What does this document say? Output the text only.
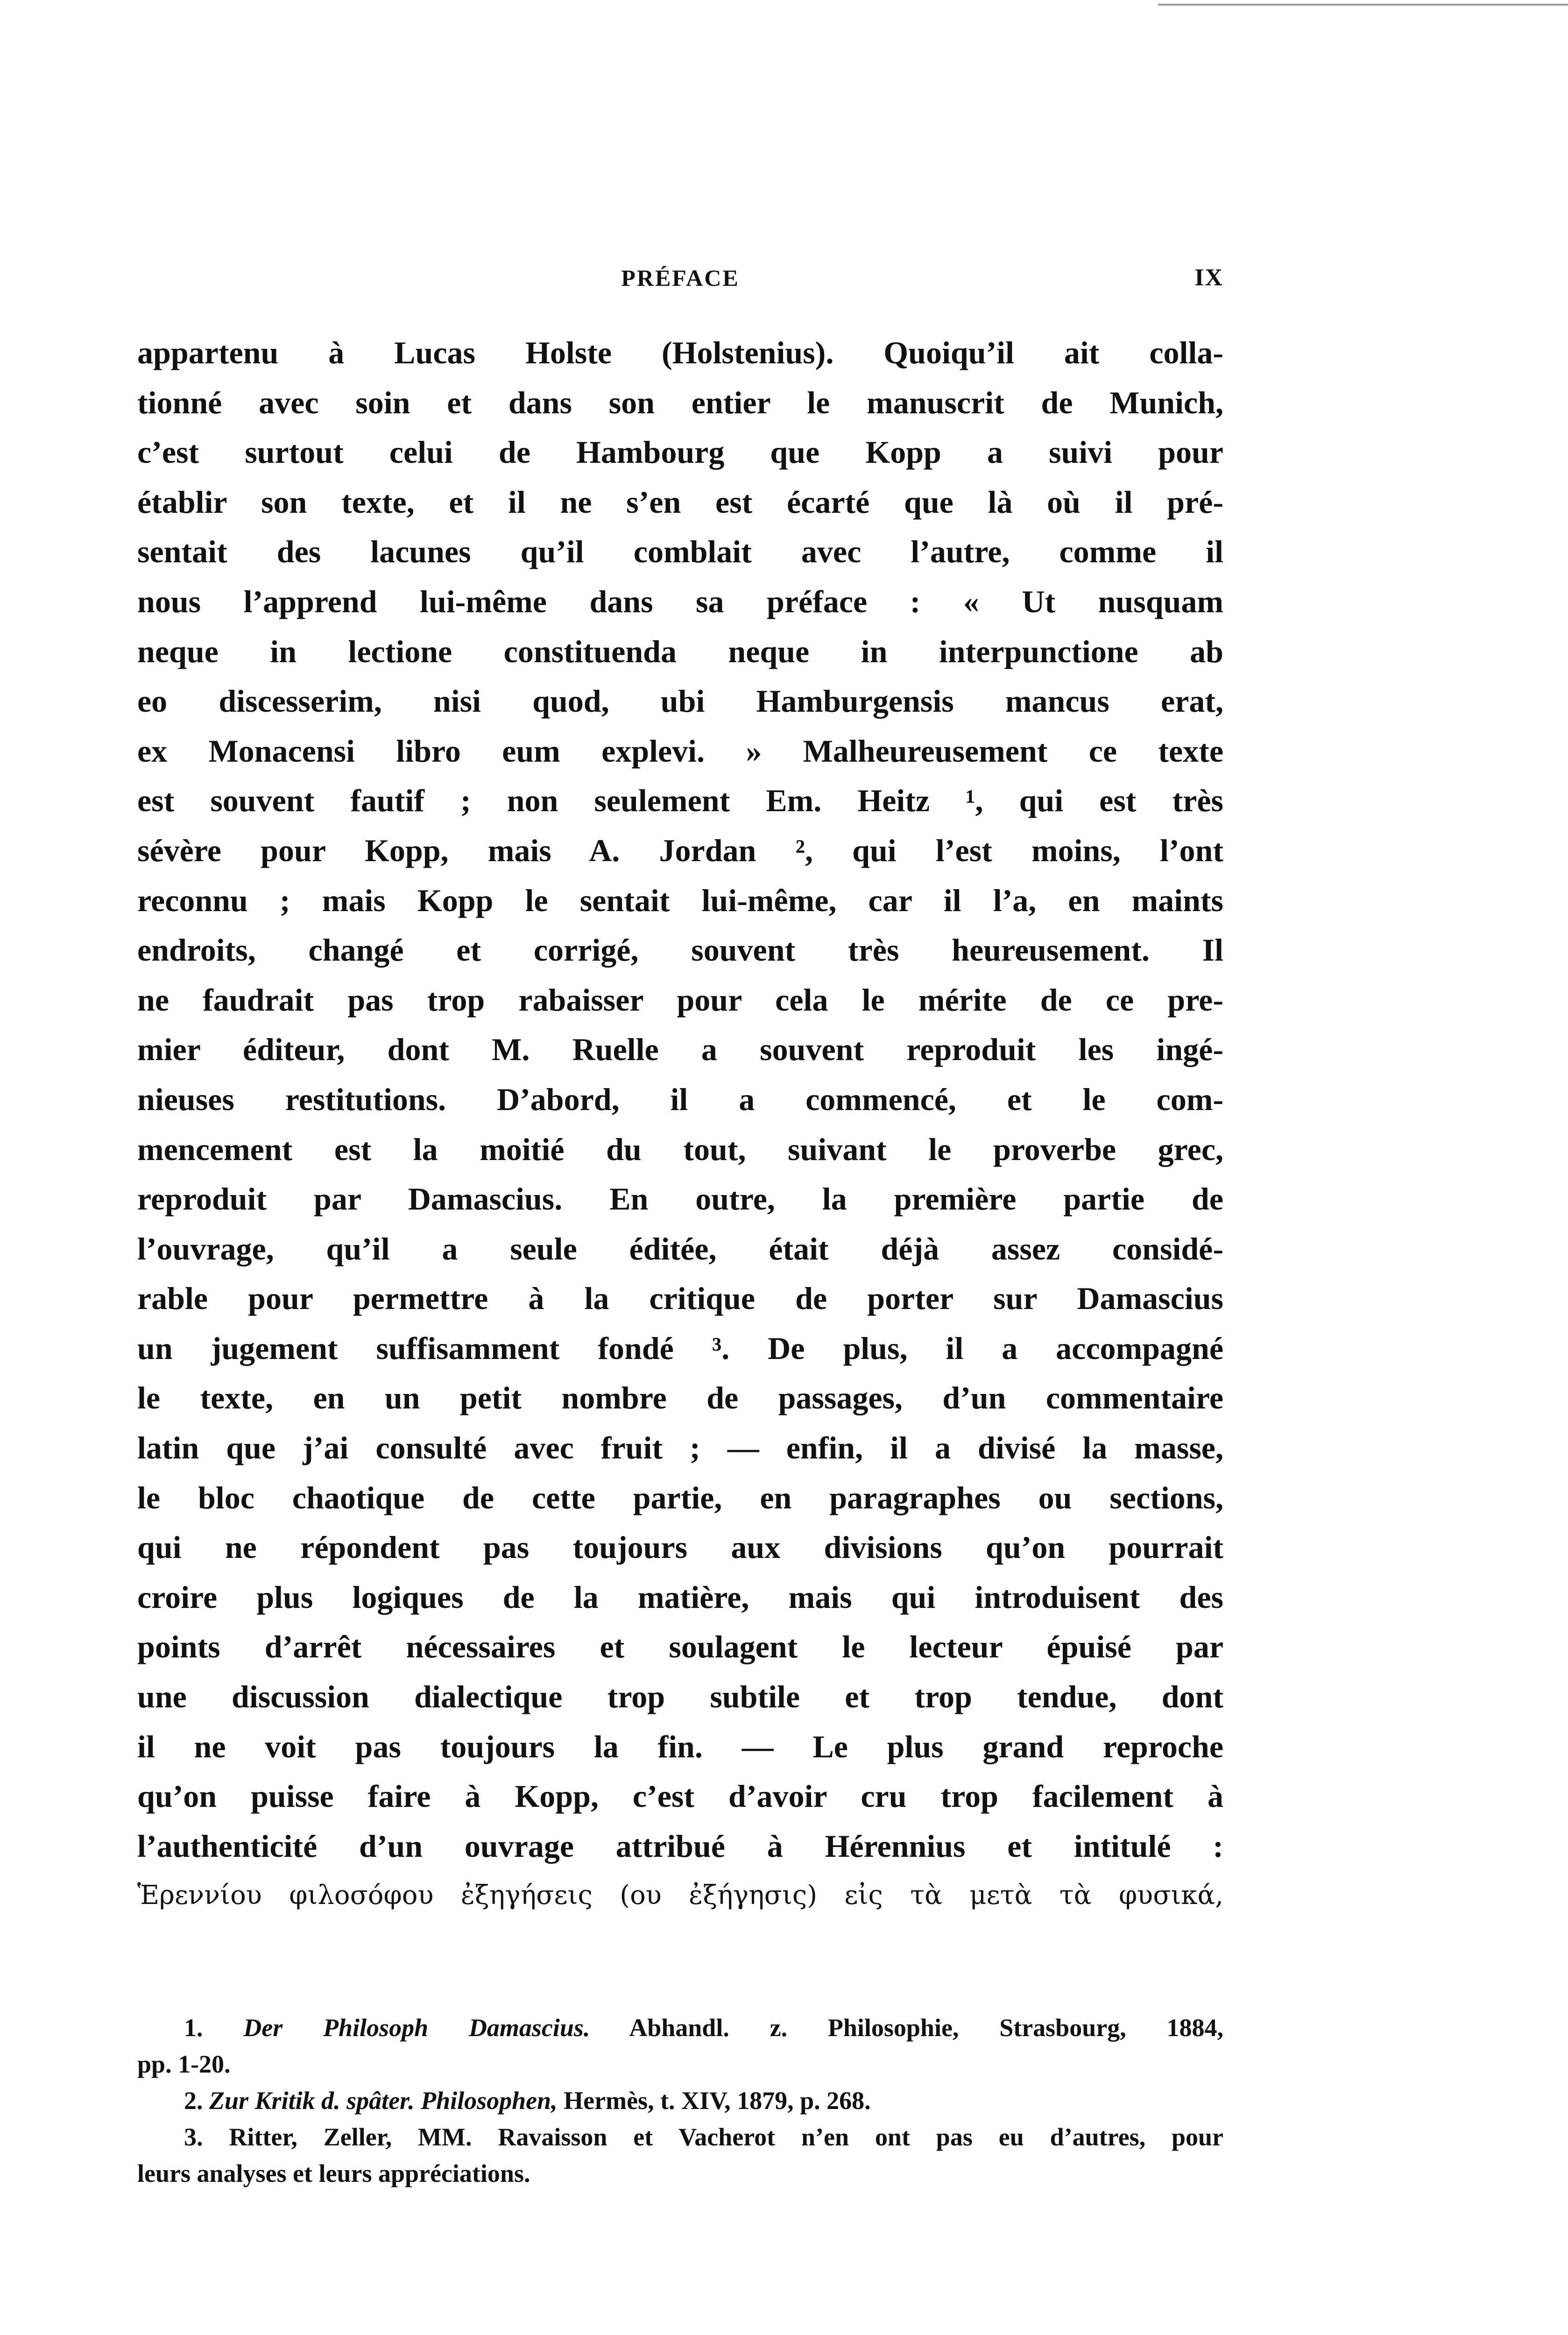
PRÉFACE	IX
appartenu à Lucas Holste (Holstenius). Quoiqu’il ait colla-
tionné avec soin et dans son entier le manuscrit de Munich,
c’est surtout celui de Hambourg que Kopp a suivi pour
établir son texte, et il ne s’en est écarté que là où il pré-
sentait des lacunes qu’il comblait avec l’autre, comme il
nous l’apprend lui-même dans sa préface : « Ut nusquam
neque in lectione constituenda neque in interpunctione ab
eo discesserim, nisi quod, ubi Hamburgensis mancus erat,
ex Monacensi libro eum explevi. » Malheureusement ce texte
est souvent fautif ; non seulement Em. Heitz ¹, qui est très
sévère pour Kopp, mais A. Jordan ², qui l’est moins, l’ont
reconnu ; mais Kopp le sentait lui-même, car il l’a, en maints
endroits, changé et corrigé, souvent très heureusement. Il
ne faudrait pas trop rabaisser pour cela le mérite de ce pre-
mier éditeur, dont M. Ruelle a souvent reproduit les ingé-
nieuses restitutions. D’abord, il a commencé, et le com-
mencement est la moitié du tout, suivant le proverbe grec,
reproduit par Damascius. En outre, la première partie de
l’ouvrage, qu’il a seule éditée, était déjà assez considé-
rable pour permettre à la critique de porter sur Damascius
un jugement suffisamment fondé ³. De plus, il a accompagné
le texte, en un petit nombre de passages, d’un commentaire
latin que j’ai consulté avec fruit ; — enfin, il a divisé la masse,
le bloc chaotique de cette partie, en paragraphes ou sections,
qui ne répondent pas toujours aux divisions qu’on pourrait
croire plus logiques de la matière, mais qui introduisent des
points d’arrêt nécessaires et soulagent le lecteur épuisé par
une discussion dialectique trop subtile et trop tendue, dont
il ne voit pas toujours la fin. — Le plus grand reproche
qu’on puisse faire à Kopp, c’est d’avoir cru trop facilement à
l’authenticité d’un ouvrage attribué à Hérennius et intitulé :
Ἑρεννίου φιλοσόφου ἐξηγήσεις (ου ἐξήγησις) εἰς τὰ μετὰ τὰ φυσικά,
1. Der Philosoph Damascius. Abhandl. z. Philosophie, Strasbourg, 1884,
pp. 1-20.
2. Zur Kritik d. spâter. Philosophen, Hermès, t. XIV, 1879, p. 268.
3. Ritter, Zeller, MM. Ravaisson et Vacherot n’en ont pas eu d’autres, pour
leurs analyses et leurs appréciations.
